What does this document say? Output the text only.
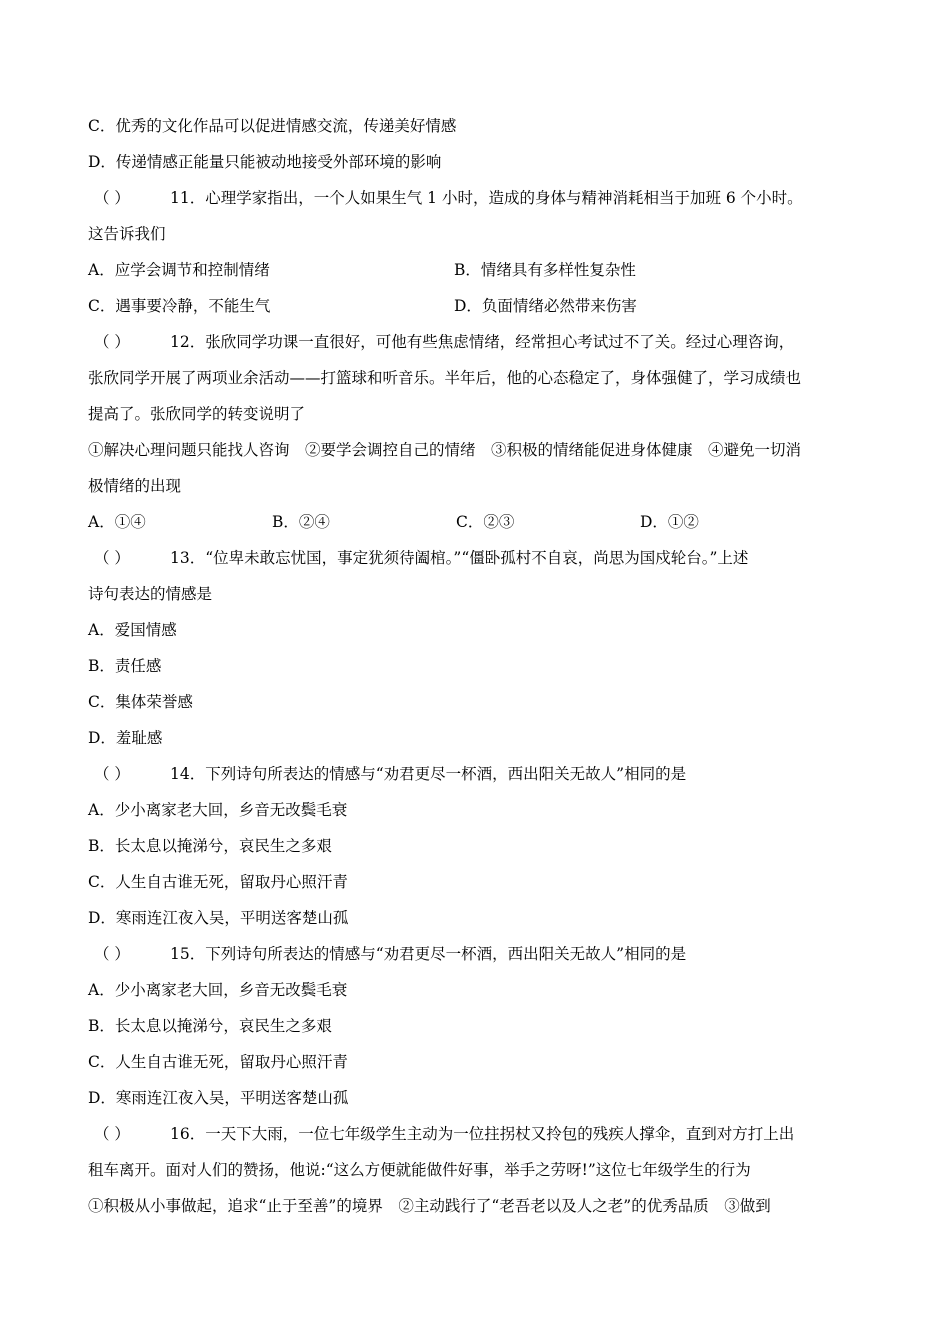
C．优秀的文化作品可以促进情感交流，传递美好情感
D．传递情感正能量只能被动地接受外部环境的影响
（ ）	11．心理学家指出，一个人如果生气 1 小时，造成的身体与精神消耗相当于加班 6 个小时。
这告诉我们
A．应学会调节和控制情绪	B．情绪具有多样性复杂性
C．遇事要冷静，不能生气	D．负面情绪必然带来伤害
（ ）	12．张欣同学功课一直很好，可他有些焦虑情绪，经常担心考试过不了关。经过心理咨询，
张欣同学开展了两项业余活动——打篮球和听音乐。半年后，他的心态稳定了，身体强健了，学习成绩也
提高了。张欣同学的转变说明了
①解决心理问题只能找人咨询　②要学会调控自己的情绪　③积极的情绪能促进身体健康　④避免一切消
极情绪的出现
A．①④	B．②④	C．②③	D．①②
（ ）	13．“位卑未敢忘忧国，事定犹须待阖棺。”“僵卧孤村不自哀，尚思为国戍轮台。”上述
诗句表达的情感是
A．爱国情感
B．责任感
C．集体荣誉感
D．羞耻感
（ ）	14．下列诗句所表达的情感与“劝君更尽一杯酒，西出阳关无故人”相同的是
A．少小离家老大回，乡音无改鬓毛衰
B．长太息以掩涕兮，哀民生之多艰
C．人生自古谁无死，留取丹心照汗青
D．寒雨连江夜入吴，平明送客楚山孤
（ ）	15．下列诗句所表达的情感与“劝君更尽一杯酒，西出阳关无故人”相同的是
A．少小离家老大回，乡音无改鬓毛衰
B．长太息以掩涕兮，哀民生之多艰
C．人生自古谁无死，留取丹心照汗青
D．寒雨连江夜入吴，平明送客楚山孤
（ ）	16．一天下大雨，一位七年级学生主动为一位拄拐杖又拎包的残疾人撑伞，直到对方打上出
租车离开。面对人们的赞扬，他说:“这么方便就能做件好事，举手之劳呀!”这位七年级学生的行为
①积极从小事做起，追求“止于至善”的境界　②主动践行了“老吾老以及人之老”的优秀品质　③做到
